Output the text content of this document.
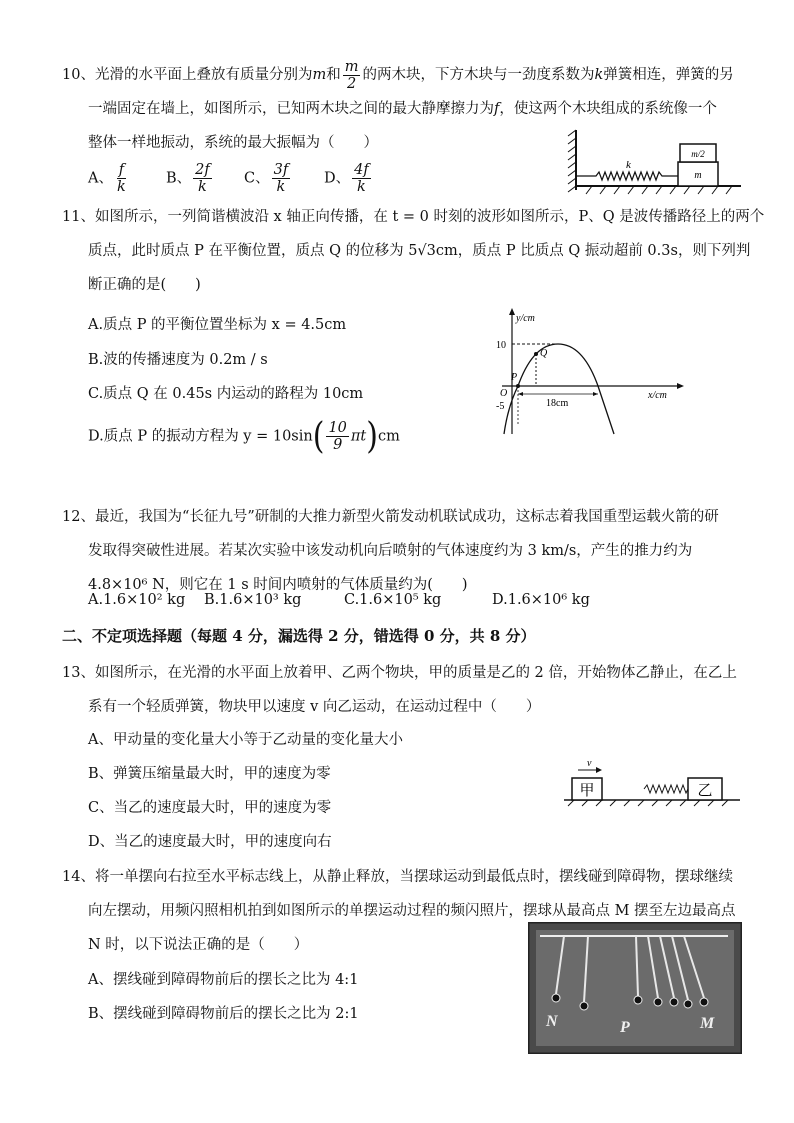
10、光滑的水平面上叠放有质量分别为m和 $\frac{m}{2}$ 的两木块，下方木块与一劲度系数为k弹簧相连，弹簧的另
一端固定在墙上，如图所示，已知两木块之间的最大静摩擦力为f，使这两个木块组成的系统像一个
整体一样地振动，系统的最大振幅为（　　）
A、 $\frac{f}{k}$	B、 $\frac{2f}{k}$ C、 $\frac{3f}{k}$ D、 $\frac{4f}{k}$	k
m/2
m
11、如图所示，一列简谐横波沿 x 轴正向传播，在 t = 0 时刻的波形如图所示，P、Q 是波传播路径上的两个
质点，此时质点 P 在平衡位置，质点 Q 的位移为 5√3cm，质点 P 比质点 Q 振动超前 0.3s，则下列判
断正确的是(　　)
A.质点 P 的平衡位置坐标为 x = 4.5cm
B.波的传播速度为 0.2m / s
C.质点 Q 在 0.45s 内运动的路程为 10cm
D.质点 P 的振动方程为 $y = 10\sin( \frac{10}{9} \pi t)cm$
y/cm
x/cm
10
-5
O
P
Q
18cm
12、最近，我国为“长征九号”研制的大推力新型火箭发动机联试成功，这标志着我国重型运载火箭的研
发取得突破性进展。若某次实验中该发动机向后喷射的气体速度约为 3 km/s，产生的推力约为
4.8×10⁶ N，则它在 1 s 时间内喷射的气体质量约为(　　)
A.1.6×10² kg B.1.6×10³ kg	C.1.6×10⁵ kg	D.1.6×10⁶ kg
二、不定项选择题（每题 4 分，漏选得 2 分，错选得 0 分，共 8 分）
13、如图所示，在光滑的水平面上放着甲、乙两个物块，甲的质量是乙的 2 倍，开始物体乙静止，在乙上
系有一个轻质弹簧，物块甲以速度 v 向乙运动，在运动过程中（　　）
A、甲动量的变化量大小等于乙动量的变化量大小
B、弹簧压缩量最大时，甲的速度为零
C、当乙的速度最大时，甲的速度为零
D、当乙的速度最大时，甲的速度向右
甲
v
乙
14、将一单摆向右拉至水平标志线上，从静止释放，当摆球运动到最低点时，摆线碰到障碍物，摆球继续
向左摆动，用频闪照相机拍到如图所示的单摆运动过程的频闪照片，摆球从最高点 M 摆至左边最高点
N 时，以下说法正确的是（　　）
A、摆线碰到障碍物前后的摆长之比为 4:1
B、摆线碰到障碍物前后的摆长之比为 2:1	N	P	M
